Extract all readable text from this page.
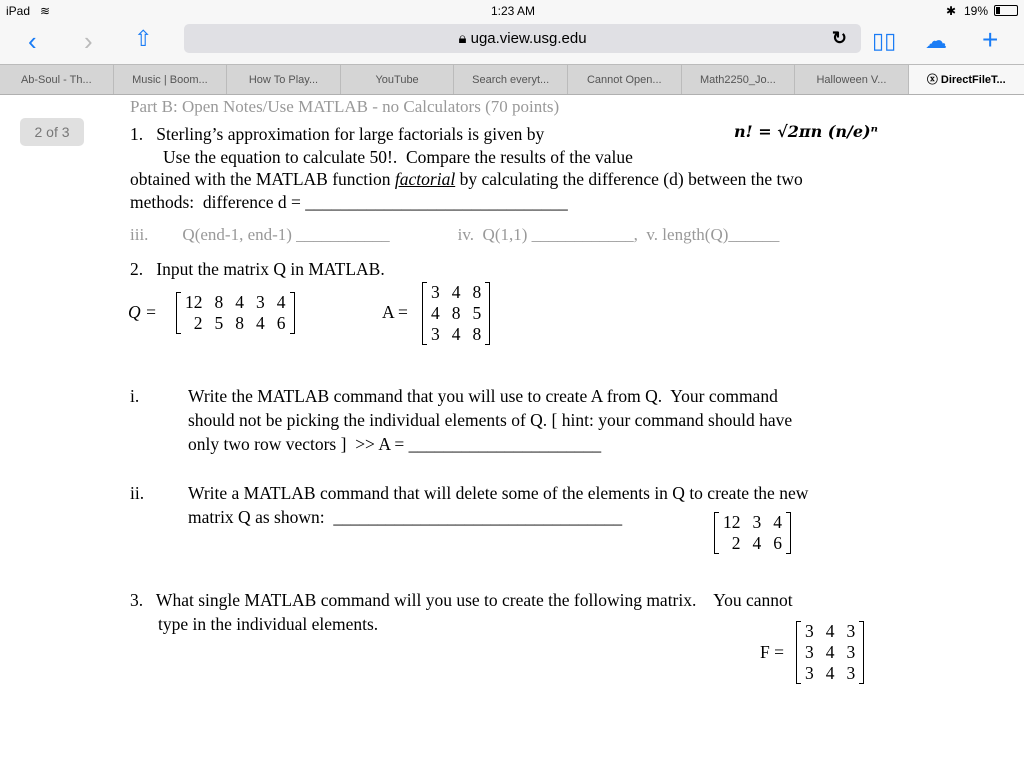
Part B: Open Notes/Use MATLAB - no Calculators (70 points)
iii.        Q(end-1, end-1) ___________                iv.  Q(1,1) ____________,  v. length(Q)______
iPad ≋	1:23 AM	✱ 19%
‹ › ⇧	🔒︎ uga.view.usg.edu	↻ ▯▯ ☁ +
Ab-Soul - Th...	Music | Boom...	How To Play...	YouTube	Search everyt...	Cannot Open...	Math2250_Jo...	Halloween V...	ⓧ DirectFileT...
2 of 3	1.   Sterling’s approximation for large factorials is given by	n! = √2πn (n/e)ⁿ
Use the equation to calculate 50!.  Compare the results of the value
obtained with the MATLAB function factorial by calculating the difference (d) between the two
methods:  difference d = ______________________________
2.   Input the matrix Q in MATLAB.
Q = 12	8	4	3	4
2	5	8	4	6
A =
3	4	8
4	8	5
3	4	8
i.	Write the MATLAB command that you will use to create A from Q.  Your command
should not be picking the individual elements of Q. [ hint: your command should have
only two row vectors ]  >> A = ______________________
ii.	Write a MATLAB command that will delete some of the elements in Q to create the new
matrix Q as shown:  _________________________________	12	3	4
2	4	6
3.   What single MATLAB command will you use to create the following matrix.    You cannot
type in the individual elements.
F =
3	4	3
3	4	3
3	4	3
